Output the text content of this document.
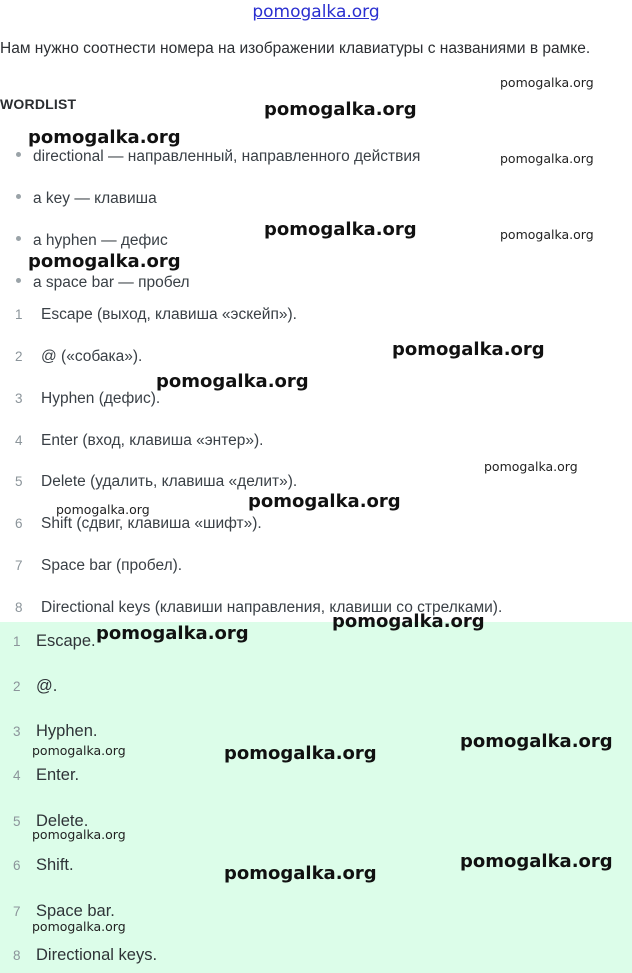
pomogalka.org
Нам нужно соотнести номера на изображении клавиатуры с названиями в рамке.
WORDLIST
directional — направленный, направленного действия
a key — клавиша
a hyphen — дефис
a space bar — пробел
1 Escape (выход, клавиша «эскейп»).
2 @ («собака»).
3 Hyphen (дефис).
4 Enter (вход, клавиша «энтер»).
5 Delete (удалить, клавиша «делит»).
6 Shift (сдвиг, клавиша «шифт»).
7 Space bar (пробел).
8 Directional keys (клавиши направления, клавиши со стрелками).
1 Escape.
2 @.
3 Hyphen.
4 Enter.
5 Delete.
6 Shift.
7 Space bar.
8 Directional keys.
pomogalka.org
pomogalka.org
pomogalka.org
pomogalka.org
pomogalka.org	pomogalka.org
pomogalka.org
pomogalka.org
pomogalka.org
pomogalka.org
pomogalka.org
pomogalka.org
pomogalka.org
pomogalka.org
pomogalka.org
pomogalka.org	pomogalka.org
pomogalka.org
pomogalka.org
pomogalka.org
pomogalka.org
